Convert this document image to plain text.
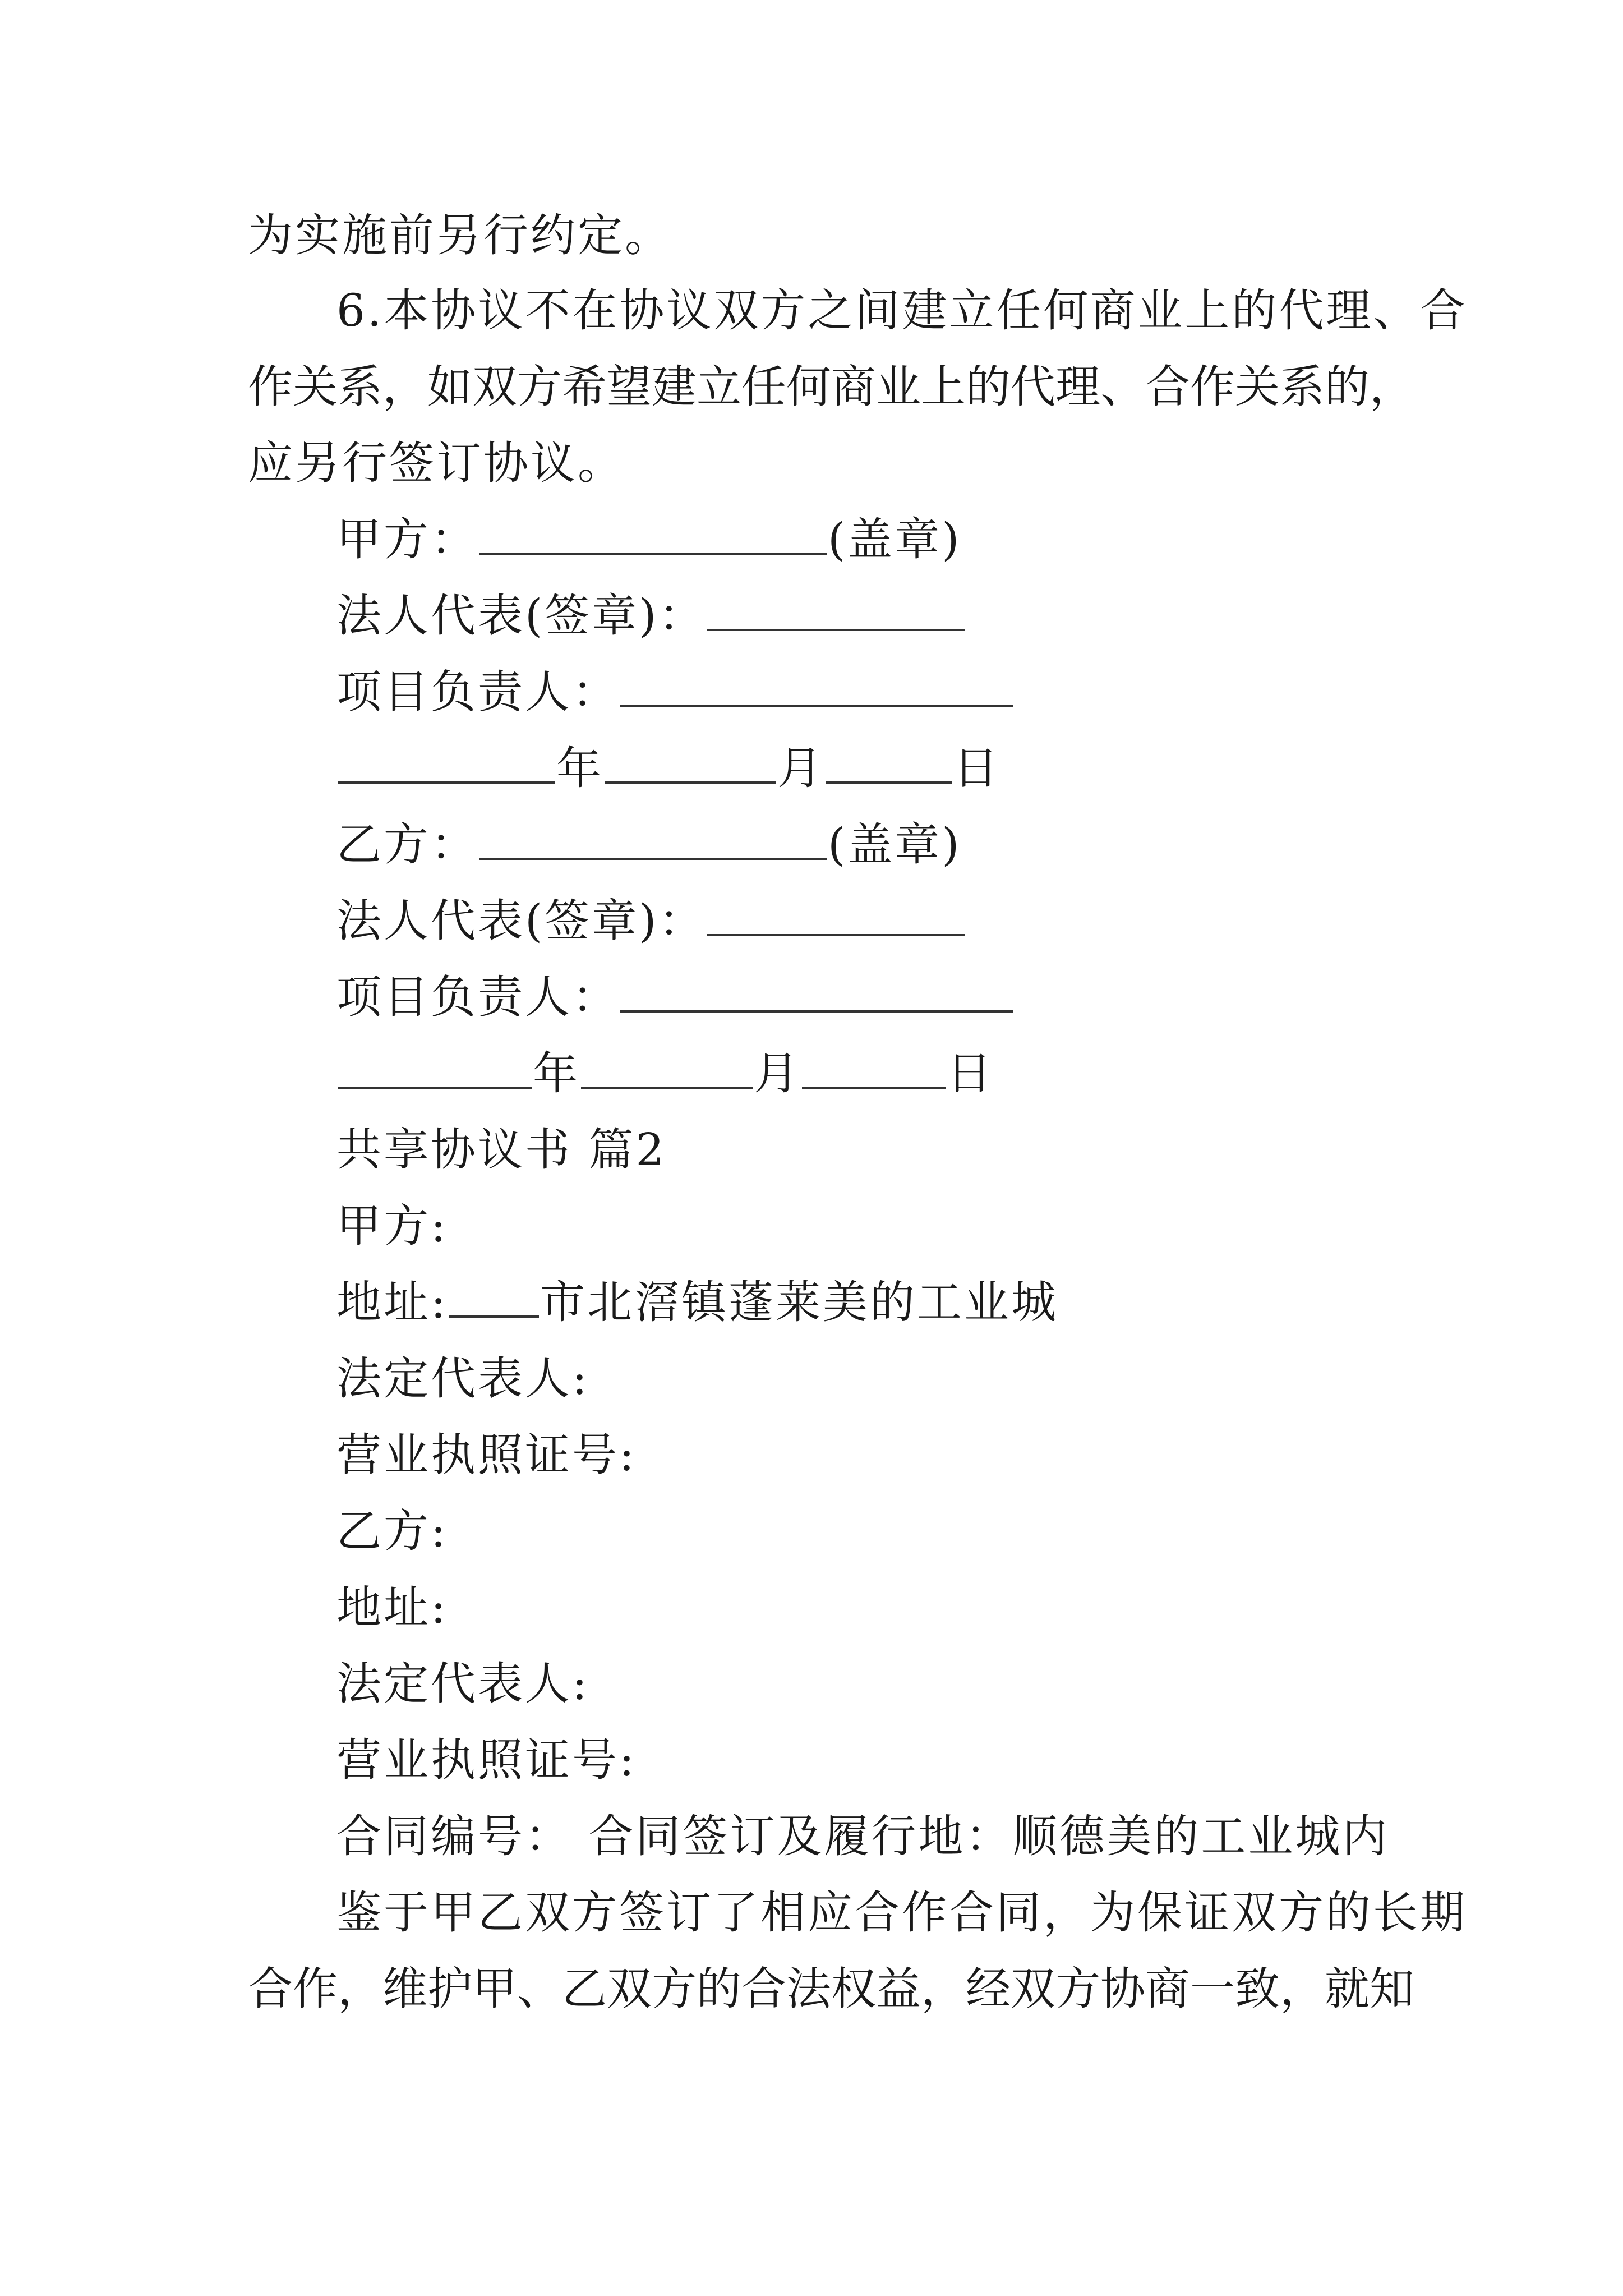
为实施前另行约定。
6.本协议不在协议双方之间建立任何商业上的代理、合
作关系，如双方希望建立任何商业上的代理、合作关系的，
应另行签订协议。
甲方：	(盖章)
法人代表(签章)：
项目负责人：
年	月	日
乙方：	(盖章)
法人代表(签章)：
项目负责人：
年	月	日
共享协议书 篇2
甲方:
地址: 市北滘镇蓬莱美的工业城
法定代表人:
营业执照证号:
乙方:
地址:
法定代表人:
营业执照证号:
合同编号： 合同签订及履行地：顺德美的工业城内
鉴于甲乙双方签订了相应合作合同，为保证双方的长期
合作，维护甲、乙双方的合法权益，经双方协商一致，就知
